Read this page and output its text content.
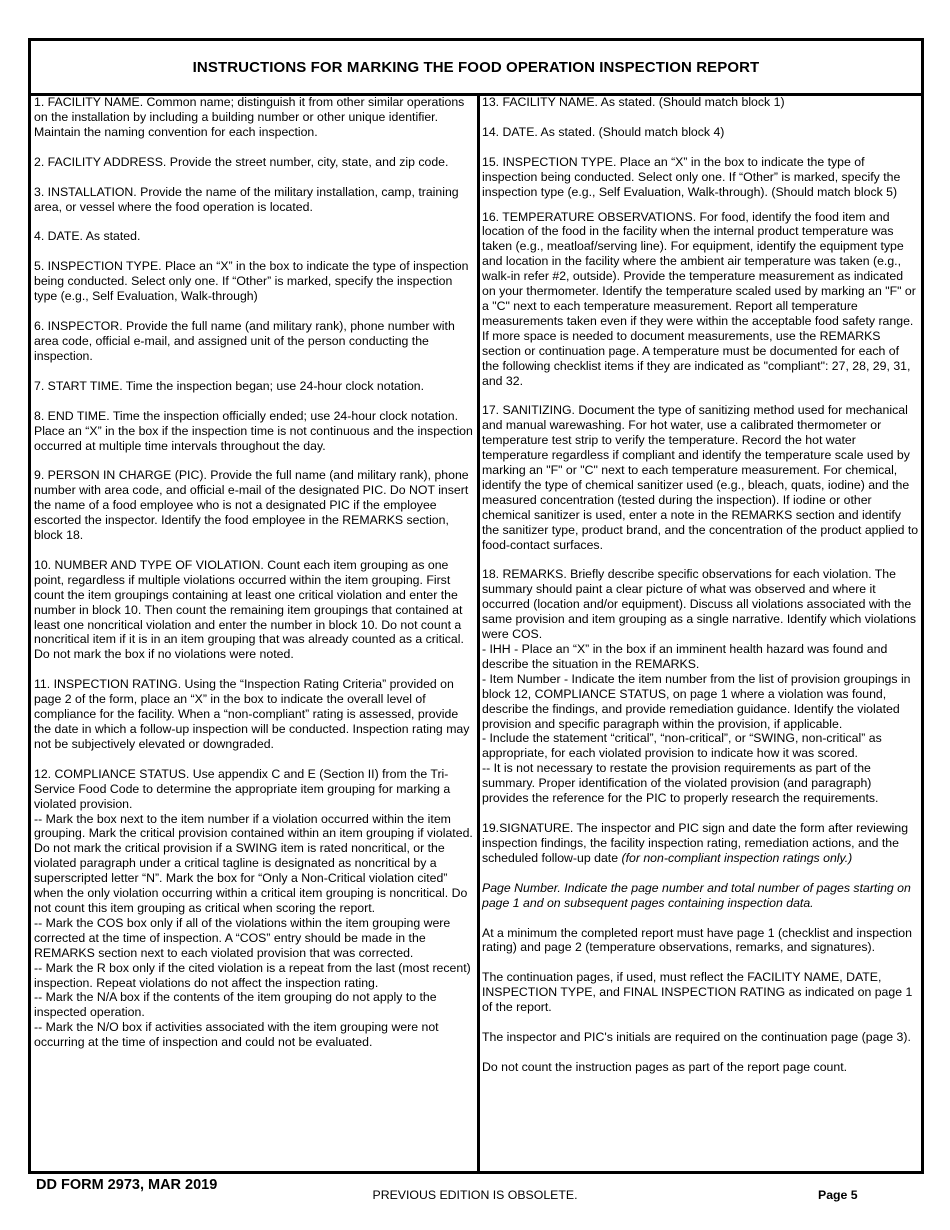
INSTRUCTIONS FOR MARKING THE FOOD OPERATION INSPECTION REPORT

1. FACILITY NAME. Common name; distinguish it from other similar operations on the installation by including a building number or other unique identifier. Maintain the naming convention for each inspection.

2. FACILITY ADDRESS. Provide the street number, city, state, and zip code.

3. INSTALLATION. Provide the name of the military installation, camp, training area, or vessel where the food operation is located.

4. DATE. As stated.

5. INSPECTION TYPE. Place an “X” in the box to indicate the type of inspection being conducted. Select only one. If “Other” is marked, specify the inspection type (e.g., Self Evaluation, Walk-through)

6. INSPECTOR. Provide the full name (and military rank), phone number with area code, official e-mail, and assigned unit of the person conducting the inspection.

7. START TIME. Time the inspection began; use 24-hour clock notation.

8. END TIME. Time the inspection officially ended; use 24-hour clock notation. Place an “X” in the box if the inspection time is not continuous and the inspection occurred at multiple time intervals throughout the day.

9. PERSON IN CHARGE (PIC). Provide the full name (and military rank), phone number with area code, and official e-mail of the designated PIC. Do NOT insert the name of a food employee who is not a designated PIC if the employee escorted the inspector. Identify the food employee in the REMARKS section, block 18.

10. NUMBER AND TYPE OF VIOLATION. Count each item grouping as one point, regardless if multiple violations occurred within the item grouping. First count the item groupings containing at least one critical violation and enter the number in block 10. Then count the remaining item groupings that contained at least one noncritical violation and enter the number in block 10. Do not count a noncritical item if it is in an item grouping that was already counted as a critical. Do not mark the box if no violations were noted.

11. INSPECTION RATING. Using the “Inspection Rating Criteria” provided on page 2 of the form, place an “X” in the box to indicate the overall level of compliance for the facility. When a “non-compliant” rating is assessed, provide the date in which a follow-up inspection will be conducted. Inspection rating may not be subjectively elevated or downgraded.

12. COMPLIANCE STATUS. Use appendix C and E (Section II) from the Tri-Service Food Code to determine the appropriate item grouping for marking a violated provision.
-- Mark the box next to the item number if a violation occurred within the item grouping. Mark the critical provision contained within an item grouping if violated. Do not mark the critical provision if a SWING item is rated noncritical, or the violated paragraph under a critical tagline is designated as noncritical by a superscripted letter “N”. Mark the box for “Only a Non-Critical violation cited” when the only violation occurring within a critical item grouping is noncritical. Do not count this item grouping as critical when scoring the report.
-- Mark the COS box only if all of the violations within the item grouping were corrected at the time of inspection. A “COS” entry should be made in the REMARKS section next to each violated provision that was corrected.
-- Mark the R box only if the cited violation is a repeat from the last (most recent) inspection. Repeat violations do not affect the inspection rating.
-- Mark the N/A box if the contents of the item grouping do not apply to the inspected operation.
-- Mark the N/O box if activities associated with the item grouping were not occurring at the time of inspection and could not be evaluated.

13. FACILITY NAME. As stated. (Should match block 1)

14. DATE. As stated. (Should match block 4)

15. INSPECTION TYPE. Place an “X” in the box to indicate the type of inspection being conducted. Select only one. If “Other” is marked, specify the inspection type (e.g., Self Evaluation, Walk-through). (Should match block 5)

16. TEMPERATURE OBSERVATIONS. For food, identify the food item and location of the food in the facility when the internal product temperature was taken (e.g., meatloaf/serving line). For equipment, identify the equipment type and location in the facility where the ambient air temperature was taken (e.g., walk-in refer #2, outside). Provide the temperature measurement as indicated on your thermometer. Identify the temperature scaled used by marking an "F" or a "C" next to each temperature measurement. Report all temperature measurements taken even if they were within the acceptable food safety range. If more space is needed to document measurements, use the REMARKS section or continuation page. A temperature must be documented for each of the following checklist items if they are indicated as "compliant": 27, 28, 29, 31, and 32.

17. SANITIZING. Document the type of sanitizing method used for mechanical and manual warewashing. For hot water, use a calibrated thermometer or temperature test strip to verify the temperature. Record the hot water temperature regardless if compliant and identify the temperature scale used by marking an "F" or "C" next to each temperature measurement. For chemical, identify the type of chemical sanitizer used (e.g., bleach, quats, iodine) and the measured concentration (tested during the inspection). If iodine or other chemical sanitizer is used, enter a note in the REMARKS section and identify the sanitizer type, product brand, and the concentration of the product applied to food-contact surfaces.

18. REMARKS. Briefly describe specific observations for each violation. The summary should paint a clear picture of what was observed and where it occurred (location and/or equipment). Discuss all violations associated with the same provision and item grouping as a single narrative. Identify which violations were COS.
- IHH - Place an “X” in the box if an imminent health hazard was found and describe the situation in the REMARKS.
- Item Number - Indicate the item number from the list of provision groupings in block 12, COMPLIANCE STATUS, on page 1 where a violation was found, describe the findings, and provide remediation guidance. Identify the violated provision and specific paragraph within the provision, if applicable.
- Include the statement “critical”, “non-critical”, or “SWING, non-critical” as appropriate, for each violated provision to indicate how it was scored.
-- It is not necessary to restate the provision requirements as part of the summary. Proper identification of the violated provision (and paragraph) provides the reference for the PIC to properly research the requirements.

19.SIGNATURE. The inspector and PIC sign and date the form after reviewing inspection findings, the facility inspection rating, remediation actions, and the scheduled follow-up date (for non-compliant inspection ratings only.)

Page Number. Indicate the page number and total number of pages starting on page 1 and on subsequent pages containing inspection data.

At a minimum the completed report must have page 1 (checklist and inspection rating) and page 2 (temperature observations, remarks, and signatures).

The continuation pages, if used, must reflect the FACILITY NAME, DATE, INSPECTION TYPE, and FINAL INSPECTION RATING as indicated on page 1 of the report.

The inspector and PIC's initials are required on the continuation page (page 3).

Do not count the instruction pages as part of the report page count.

DD FORM 2973, MAR 2019
PREVIOUS EDITION IS OBSOLETE.	Page 5
